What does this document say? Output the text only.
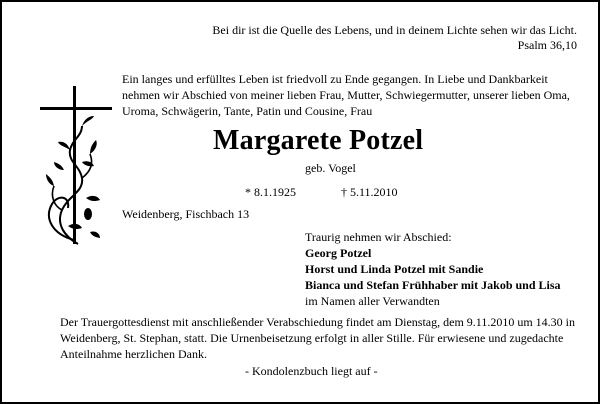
Bei dir ist die Quelle des Lebens, und in deinem Lichte sehen wir das Licht.
Psalm 36,10
Ein langes und erfülltes Leben ist friedvoll zu Ende gegangen. In Liebe und Dankbarkeit
nehmen wir Abschied von meiner lieben Frau, Mutter, Schwiegermutter, unserer lieben Oma,
Uroma, Schwägerin, Tante, Patin und Cousine, Frau
Margarete Potzel
geb. Vogel
* 8.1.1925	† 5.11.2010
Weidenberg, Fischbach 13
Traurig nehmen wir Abschied:
Georg Potzel
Horst und Linda Potzel mit Sandie
Bianca und Stefan Frühhaber mit Jakob und Lisa
im Namen aller Verwandten
Der Trauergottesdienst mit anschließender Verabschiedung findet am Dienstag, dem 9.11.2010 um 14.30 in
Weidenberg, St. Stephan, statt. Die Urnenbeisetzung erfolgt in aller Stille. Für erwiesene und zugedachte
Anteilnahme herzlichen Dank.
- Kondolenzbuch liegt auf -
